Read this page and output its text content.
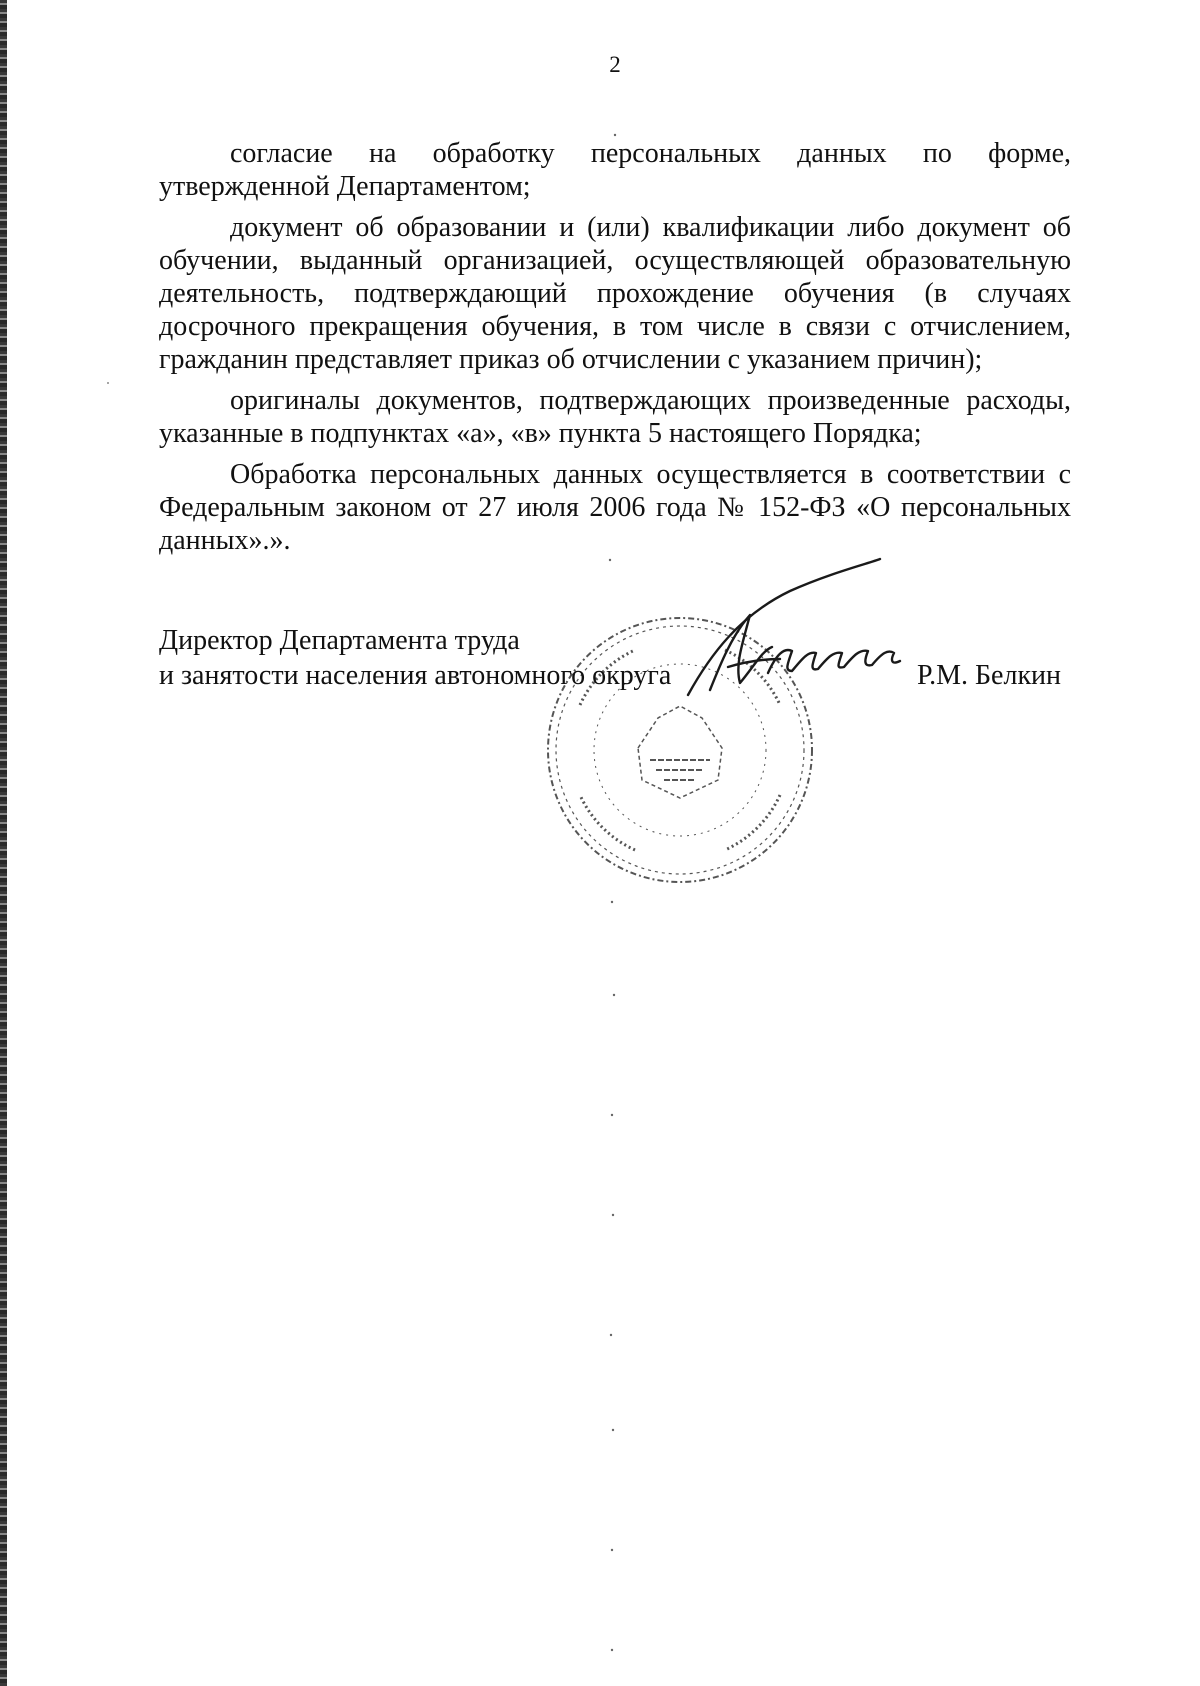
2

согласие на обработку персональных данных по форме, утвержденной Департаментом;

документ об образовании и (или) квалификации либо документ об обучении, выданный организацией, осуществляющей образовательную деятельность, подтверждающий прохождение обучения (в случаях досрочного прекращения обучения, в том числе в связи с отчислением, гражданин представляет приказ об отчислении с указанием причин);

оригиналы документов, подтверждающих произведенные расходы, указанные в подпунктах «а», «в» пункта 5 настоящего Порядка;

Обработка персональных данных осуществляется в соответствии с Федеральным законом от 27 июля 2006 года № 152-ФЗ «О персональных данных».».

Директор Департамента труда
и занятости населения автономного округа	Р.М. Белкин
